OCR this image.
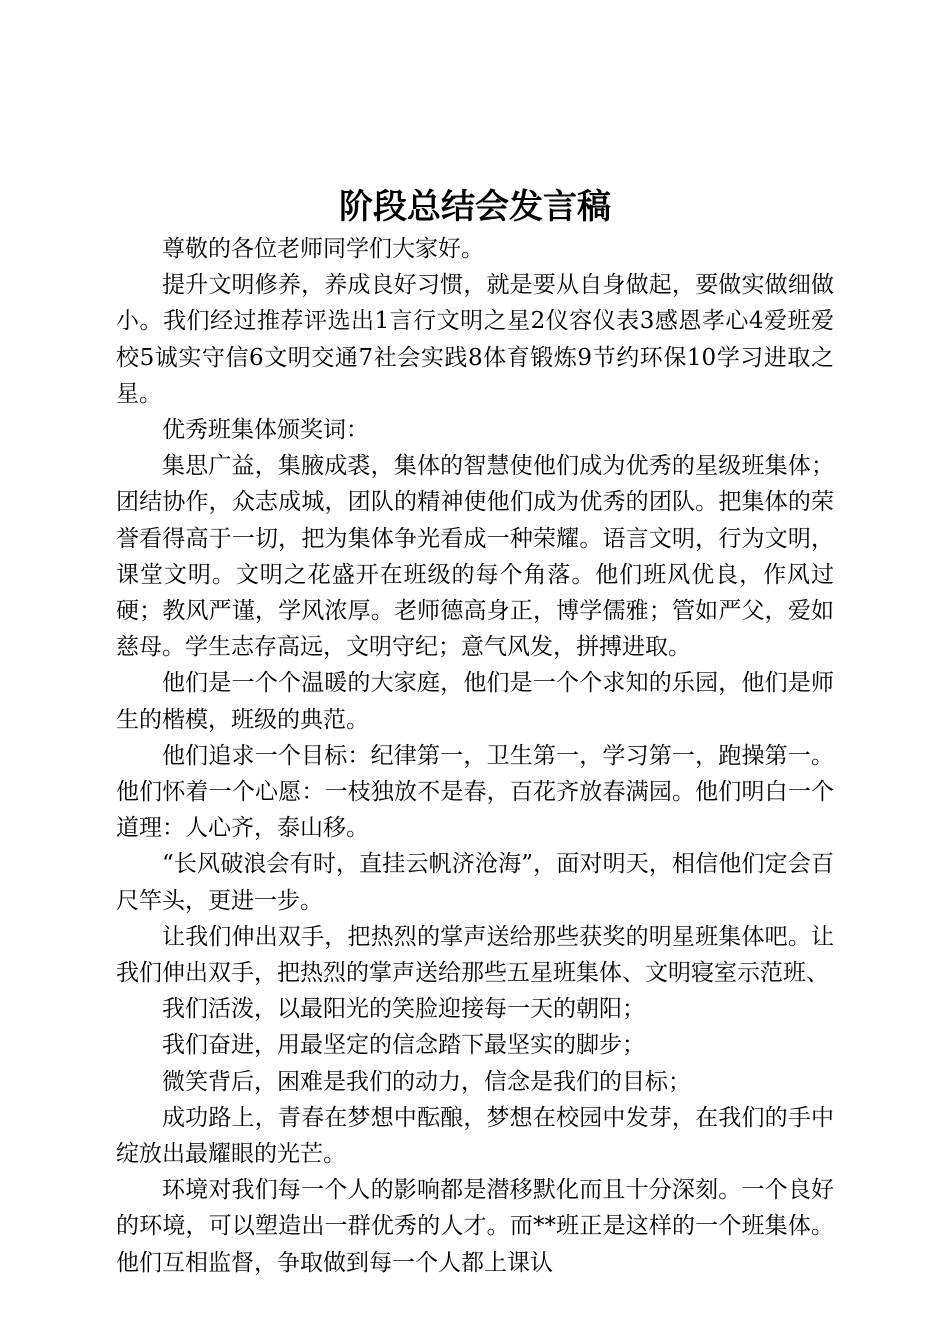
阶段总结会发言稿

尊敬的各位老师同学们大家好。

提升文明修养，养成良好习惯，就是要从自身做起，要做实做细做小。我们经过推荐评选出1言行文明之星2仪容仪表3感恩孝心4爱班爱校5诚实守信6文明交通7社会实践8体育锻炼9节约环保10学习进取之星。

优秀班集体颁奖词：

集思广益，集腋成裘，集体的智慧使他们成为优秀的星级班集体；团结协作，众志成城，团队的精神使他们成为优秀的团队。把集体的荣誉看得高于一切，把为集体争光看成一种荣耀。语言文明，行为文明，课堂文明。文明之花盛开在班级的每个角落。他们班风优良，作风过硬；教风严谨，学风浓厚。老师德高身正，博学儒雅；管如严父，爱如慈母。学生志存高远，文明守纪；意气风发，拼搏进取。

他们是一个个温暖的大家庭，他们是一个个求知的乐园，他们是师生的楷模，班级的典范。

他们追求一个目标：纪律第一，卫生第一，学习第一，跑操第一。他们怀着一个心愿：一枝独放不是春，百花齐放春满园。他们明白一个道理：人心齐，泰山移。

“长风破浪会有时，直挂云帆济沧海”，面对明天，相信他们定会百尺竿头，更进一步。

让我们伸出双手，把热烈的掌声送给那些获奖的明星班集体吧。让我们伸出双手，把热烈的掌声送给那些五星班集体、文明寝室示范班、

我们活泼，以最阳光的笑脸迎接每一天的朝阳；

我们奋进，用最坚定的信念踏下最坚实的脚步；

微笑背后，困难是我们的动力，信念是我们的目标；

成功路上，青春在梦想中酝酿，梦想在校园中发芽，在我们的手中绽放出最耀眼的光芒。

环境对我们每一个人的影响都是潜移默化而且十分深刻。一个良好的环境，可以塑造出一群优秀的人才。而**班正是这样的一个班集体。他们互相监督，争取做到每一个人都上课认
